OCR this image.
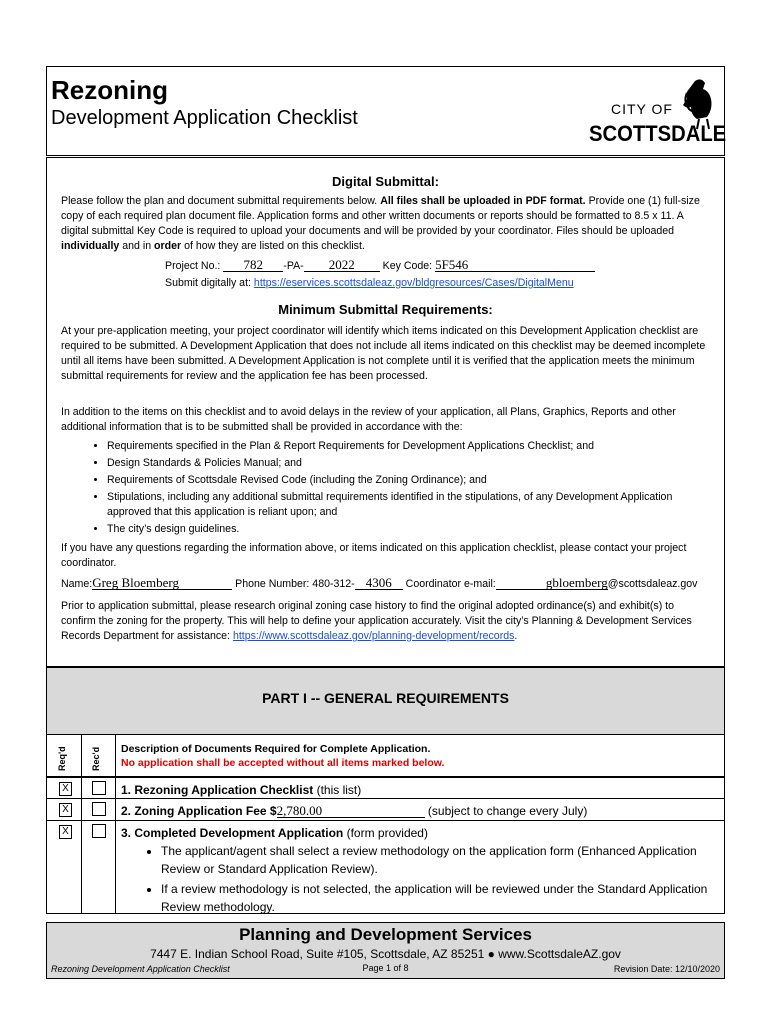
Rezoning
Development Application Checklist	CITY OF
SCOTTSDALE
Digital Submittal:
Please follow the plan and document submittal requirements below. All files shall be uploaded in PDF format. Provide one (1) full-size copy of each required plan document file. Application forms and other written documents or reports should be formatted to 8.5 x 11. A digital submittal Key Code is required to upload your documents and will be provided by your coordinator. Files should be uploaded individually and in order of how they are listed on this checklist.
Project No.: 782 -PA- 2022	Key Code: 5F546
Submit digitally at: https://eservices.scottsdaleaz.gov/bldgresources/Cases/DigitalMenu
Minimum Submittal Requirements:
At your pre-application meeting, your project coordinator will identify which items indicated on this Development Application checklist are required to be submitted. A Development Application that does not include all items indicated on this checklist may be deemed incomplete until all items have been submitted. A Development Application is not complete until it is verified that the application meets the minimum submittal requirements for review and the application fee has been processed.
In addition to the items on this checklist and to avoid delays in the review of your application, all Plans, Graphics, Reports and other additional information that is to be submitted shall be provided in accordance with the:
• Requirements specified in the Plan & Report Requirements for Development Applications Checklist; and
• Design Standards & Policies Manual; and
• Requirements of Scottsdale Revised Code (including the Zoning Ordinance); and
• Stipulations, including any additional submittal requirements identified in the stipulations, of any Development Application approved that this application is reliant upon; and
• The city’s design guidelines.
If you have any questions regarding the information above, or items indicated on this application checklist, please contact your project coordinator.
Name:Greg Bloemberg	Phone Number: 480-312- 4306 Coordinator e-mail:	gbloemberg@scottsdaleaz.gov
Prior to application submittal, please research original zoning case history to find the original adopted ordinance(s) and exhibit(s) to confirm the zoning for the property. This will help to define your application accurately. Visit the city’s Planning & Development Services Records Department for assistance: https://www.scottsdaleaz.gov/planning-development/records.
PART I -- GENERAL REQUIREMENTS
Req'd	Rec'd Description of Documents Required for Complete Application.
No application shall be accepted without all items marked below.
X	1. Rezoning Application Checklist (this list)
X	2. Zoning Application Fee $2,780.00	(subject to change every July)
X	3. Completed Development Application (form provided)
• The applicant/agent shall select a review methodology on the application form (Enhanced Application Review or Standard Application Review).
• If a review methodology is not selected, the application will be reviewed under the Standard Application Review methodology.
Planning and Development Services
7447 E. Indian School Road, Suite #105, Scottsdale, AZ 85251 ● www.ScottsdaleAZ.gov
Rezoning Development Application Checklist	Page 1 of 8	Revision Date: 12/10/2020
